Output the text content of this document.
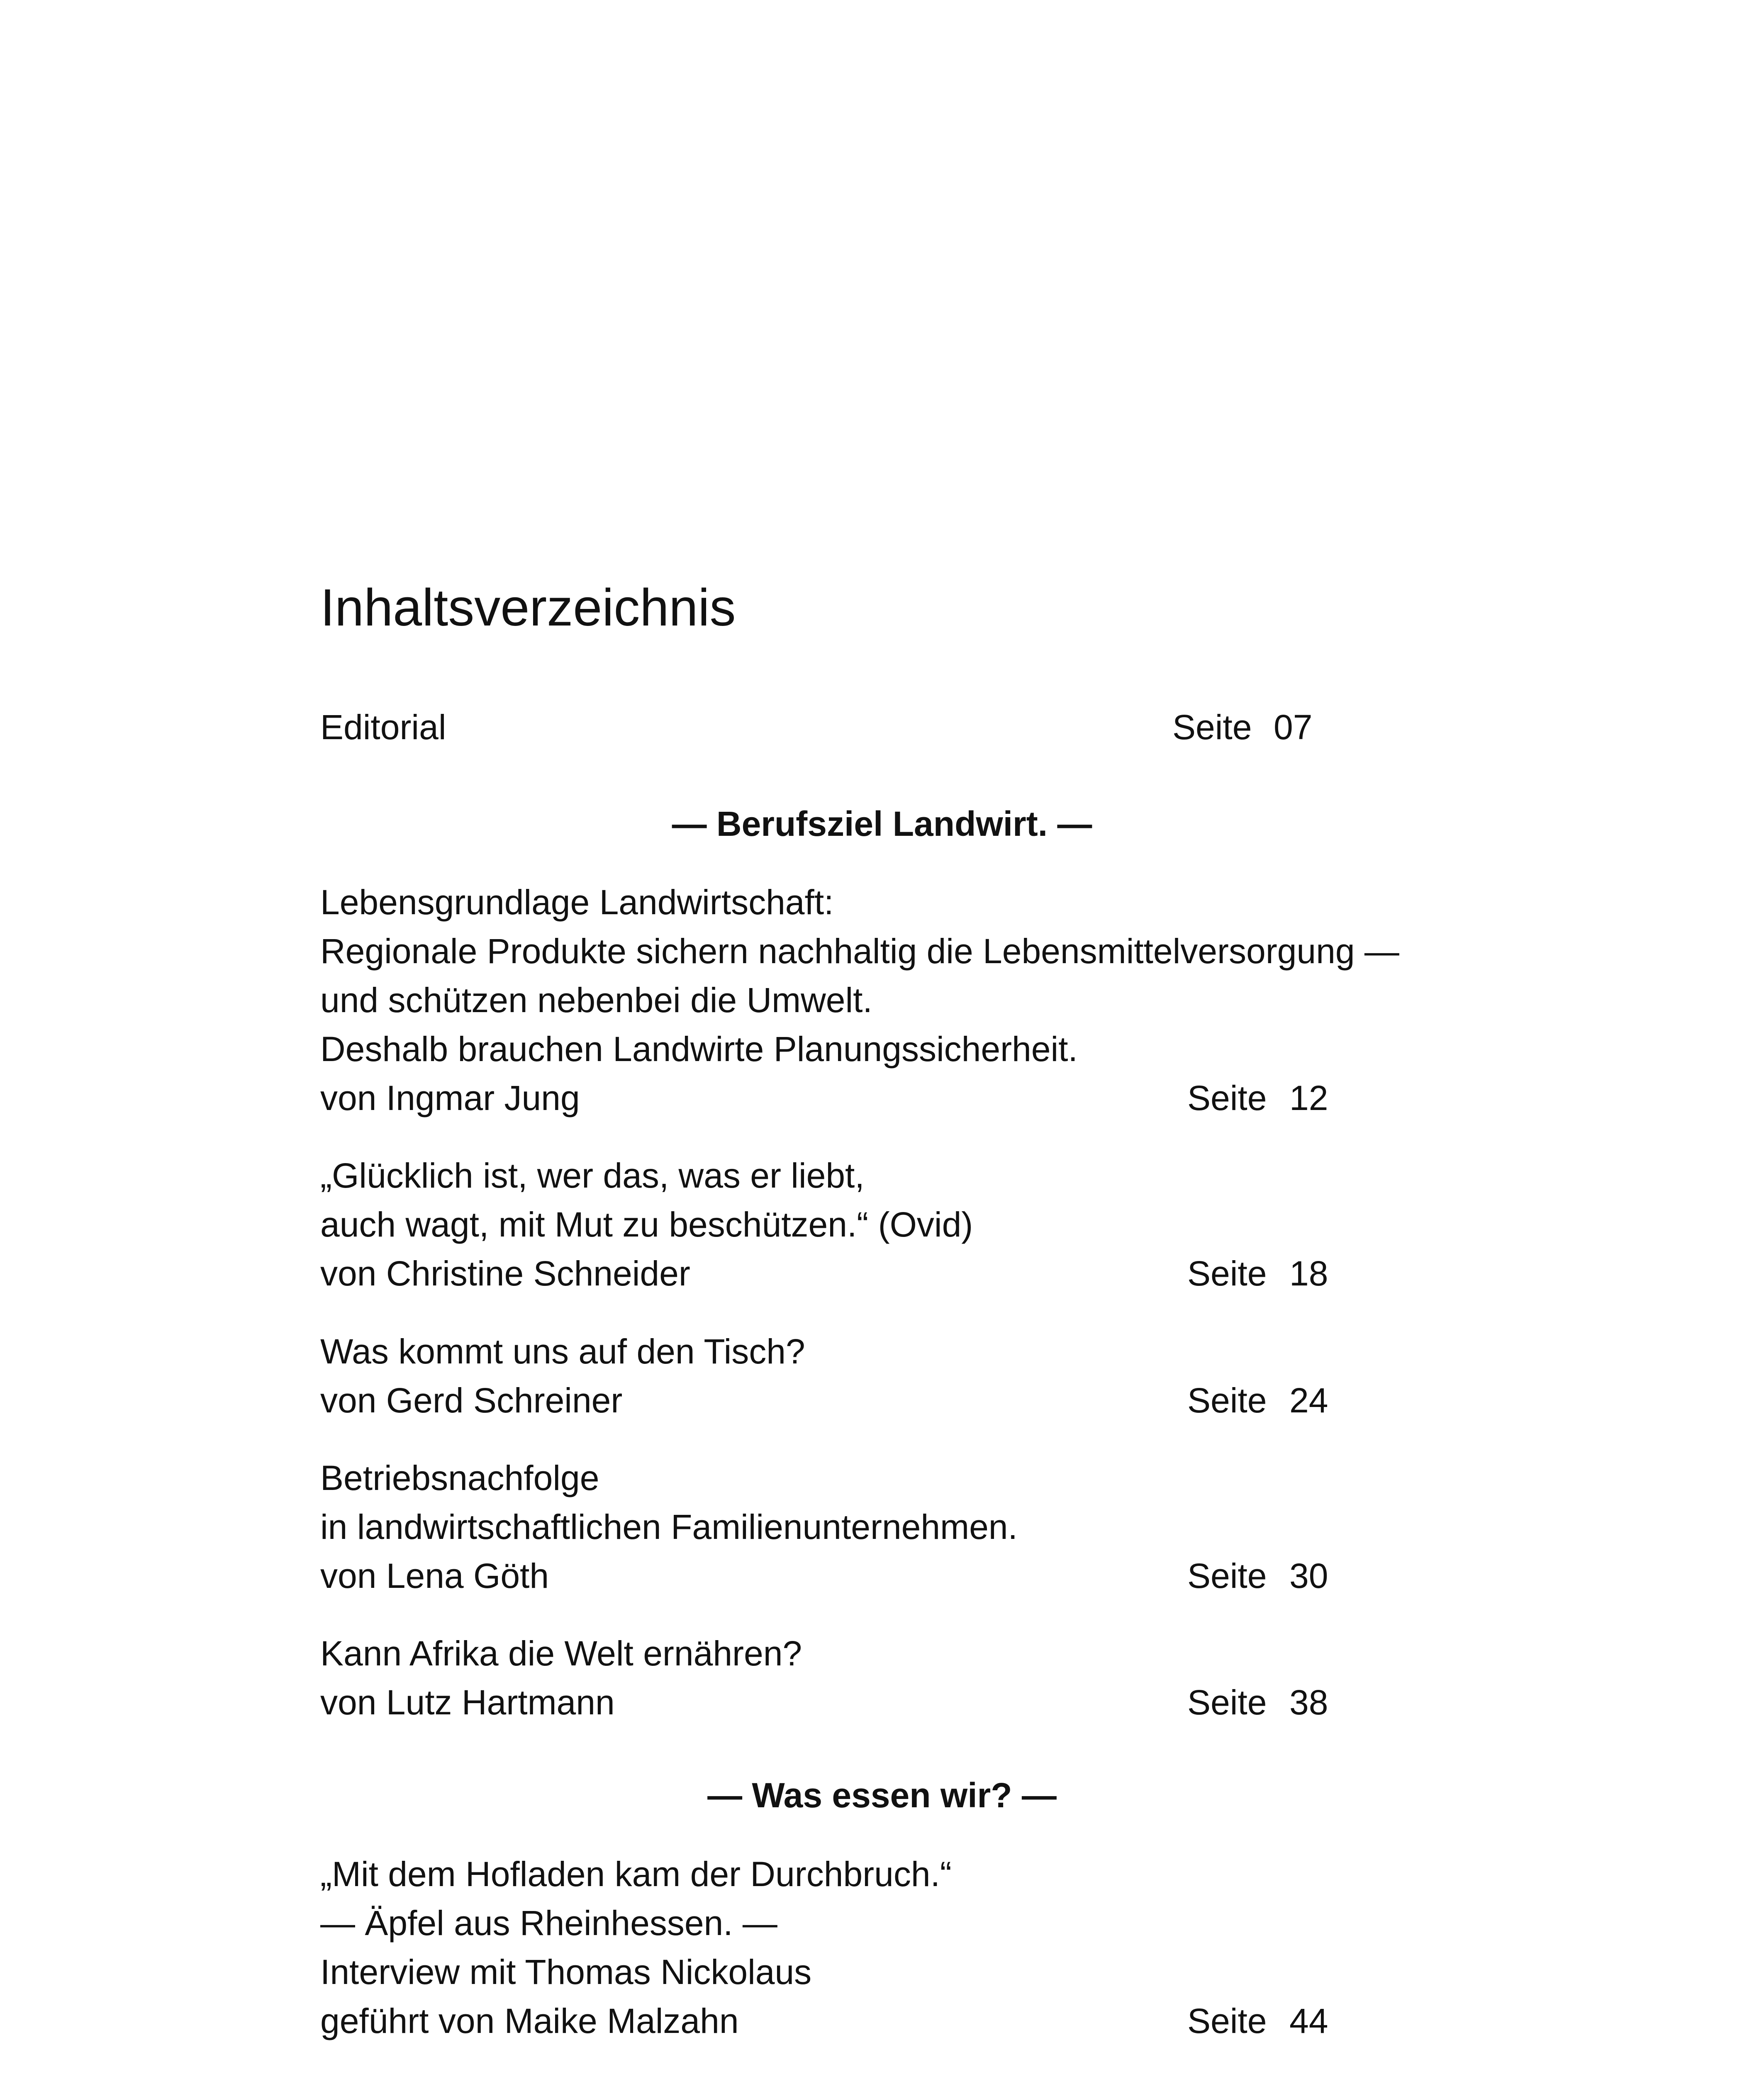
Inhaltsverzeichnis
Editorial	Seite 07
— Berufsziel Landwirt. —
Lebensgrundlage Landwirtschaft:
Regionale Produkte sichern nachhaltig die Lebensmittelversorgung —
und schützen nebenbei die Umwelt.
Deshalb brauchen Landwirte Planungssicherheit.
von Ingmar Jung	Seite 12
„Glücklich ist, wer das, was er liebt,
auch wagt, mit Mut zu beschützen.“ (Ovid)
von Christine Schneider	Seite 18
Was kommt uns auf den Tisch?
von Gerd Schreiner	Seite 24
Betriebsnachfolge
in landwirtschaftlichen Familienunternehmen.
von Lena Göth	Seite 30
Kann Afrika die Welt ernähren?
von Lutz Hartmann	Seite 38
— Was essen wir? —
„Mit dem Hofladen kam der Durchbruch.“
— Äpfel aus Rheinhessen. —
Interview mit Thomas Nickolaus
geführt von Maike Malzahn	Seite 44
